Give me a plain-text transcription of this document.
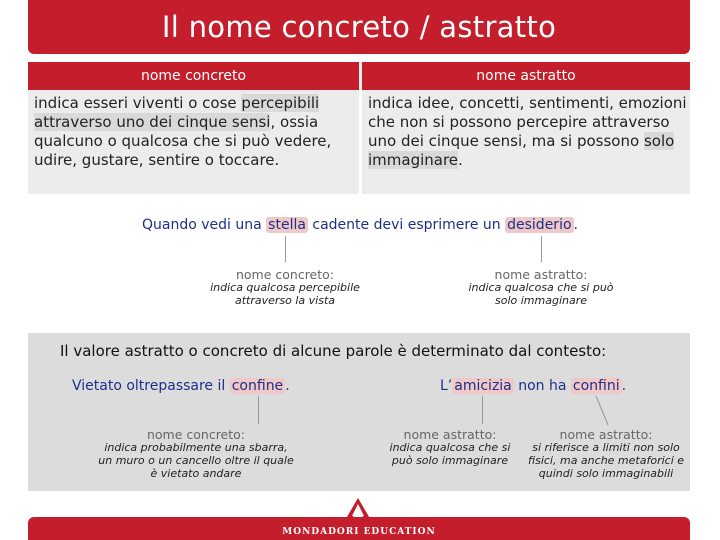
Il nome concreto / astratto
nome concreto	nome astratto
indica esseri viventi o cose percepibili attraverso uno dei cinque sensi, ossia qualcuno o qualcosa che si può vedere, udire, gustare, sentire o toccare.
indica idee, concetti, sentimenti, emozioni che non si possono percepire attraverso uno dei cinque sensi, ma si possono solo immaginare.
Quando vedi una stella cadente devi esprimere un desiderio .
nome concreto:
indica qualcosa percepibile attraverso la vista
nome astratto:
indica qualcosa che si può solo immaginare
Il valore astratto o concreto di alcune parole è determinato dal contesto:
Vietato oltrepassare il confine .	L’ amicizia non ha confini .
nome concreto:
indica probabilmente una sbarra, un muro o un cancello oltre il quale è vietato andare
nome astratto:
indica qualcosa che si può solo immaginare
nome astratto:
si riferisce a limiti non solo fisici, ma anche metaforici e quindi solo immaginabili
MONDADORI EDUCATION
